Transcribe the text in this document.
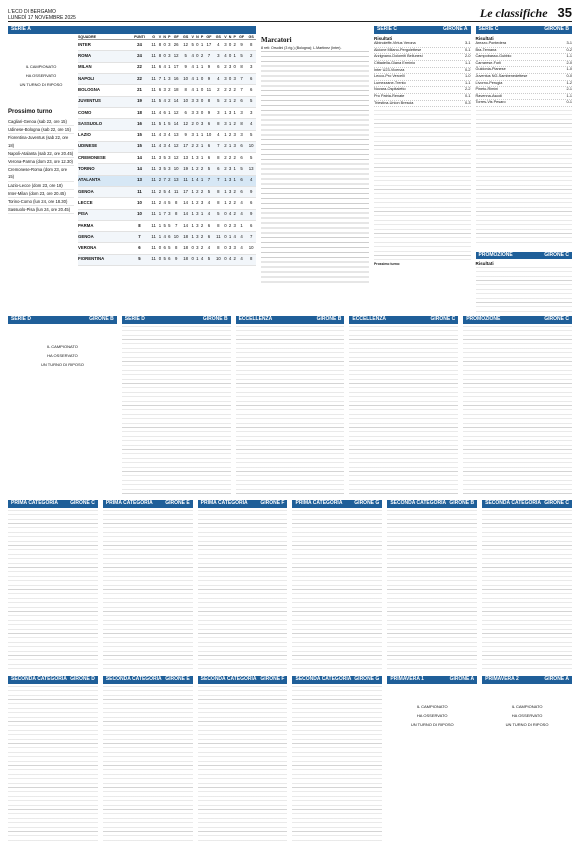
L'ECO DI BERGAMO
LUNEDÌ 17 NOVEMBRE 2025	Le classifiche 35
SERIE A
IL CAMPIONATO
HA OSSERVATO
UN TURNO DI RIPOSO
Prossimo turno
Cagliari-Genoa (sab 22, ore 15)
Udinese-Bologna (sab 22, ore 15)
Fiorentina-Juventus (sab 22, ore 18)
Napoli-Atalanta (sab 22, ore 20.45)
Verona-Parma (dom 23, ore 12.30)
Cremonese-Roma (dom 23, ore 15)
Lazio-Lecce (dom 23, ore 18)
Inter-Milan (dom 23, ore 20.45)
Torino-Como (lun 24, ore 18.30)
Sassuolo-Pisa (lun 24, ore 20.45)
SQUADRE	PUNTI	G	V	N	P	GF	GS	V	N	P	GF	GS	V	N	P	GF	GS
INTER	24	11	8	0	3	26	12	5	0	1	17	4	3	0	2	9	8
ROMA	24	11	8	0	3	12	5	4	0	2	7	3	4	0	1	5	2
MILAN	22	11	6	4	1	17	9	4	1	1	9	6	2	3	0	8	3
NAPOLI	22	11	7	1	3	16	10	4	1	0	9	4	3	0	3	7	6
BOLOGNA	21	11	6	3	2	18	8	4	1	0	11	2	2	2	2	7	6
JUVENTUS	19	11	5	4	2	14	10	3	3	0	8	5	2	1	2	6	5
COMO	18	11	4	6	1	12	6	3	3	0	9	3	1	3	1	3	3
SASSUOLO	16	11	5	1	5	14	12	2	0	3	6	8	3	1	2	8	4
LAZIO	15	11	4	3	4	13	9	3	1	1	10	4	1	2	3	3	5
UDINESE	15	11	4	3	4	12	17	2	2	1	6	7	2	1	3	6	10
CREMONESE	14	11	3	5	3	12	13	1	3	1	6	8	2	2	2	6	5
TORINO	14	11	3	5	3	10	19	1	2	2	5	6	2	3	1	5	13
ATALANTA	13	11	2	7	2	13	11	1	4	1	7	7	1	3	1	6	4
GENOA	11	11	2	5	4	11	17	1	2	2	5	8	1	3	2	6	9
LECCE	10	11	2	4	5	8	14	1	2	3	4	8	1	2	2	4	6
PISA	10	11	1	7	3	8	14	1	3	1	4	5	0	4	2	4	9
PARMA	8	11	1	5	5	7	14	1	3	2	6	8	0	2	3	1	6
GENOA	7	11	1	4	6	10	18	1	3	2	6	11	0	1	4	4	7
VERONA	6	11	0	6	5	8	18	0	3	2	4	8	0	3	3	4	10
FIORENTINA	5	11	0	5	6	9	18	0	1	4	5	10	0	4	2	4	8
Marcatori

8 reti: Orsolini (3 rig.) (Bologna); L.Martinez (Inter).

SERIE C	GIRONE A
Risultati
Albinoleffe-Virtus Verona	3-1
Alcione Milano-Pergolettese	0-1
Arzignano-Dolomiti Bellunesi	2-0
Cittadella-Giana Erminio	1-1
Inter U23-Vicenza	0-2
Lecco-Pro Vercelli	1-0
Lumezzane-Trento	1-1
Novara-Ospitaletto	2-2
Pro Patria-Renate	0-1
Triestina-Union Brescia	0-3
Prossimo turno:
SERIE C	GIRONE B
Risultati
Arezzo-Pontedera	3-1
Bra-Ternana	0-2
Campobasso-Gubbio	1-1
Carrarese-Forlì	2-0
Guidonia-Pianese	1-0
Juventus NG-Sambenedettese	0-0
Livorno-Perugia	1-2
Pineto-Rimini	2-1
Ravenna-Ascoli	1-1
Torres-Vis Pesaro	0-1
PROMOZIONE	GIRONE C
Risultati
SERIE D	GIRONE B
IL CAMPIONATO
HA OSSERVATO
UN TURNO DI RIPOSO
SERIE D	GIRONE B ECCELLENZA	GIRONE B ECCELLENZA	GIRONE C PROMOZIONE	GIRONE C
PRIMA CATEGORIA GIRONE C PRIMA CATEGORIA GIRONE E PRIMA CATEGORIA	GIRONE F PRIMA CATEGORIA GIRONE G SECONDA CATEGORIA GIRONE B SECONDA CATEGORIA GIRONE C
SECONDA CATEGORIA GIRONE D SECONDA CATEGORIA GIRONE E SECONDA CATEGORIA GIRONE F SECONDA CATEGORIA GIRONE G PRIMAVERA 1	GIRONE A
IL CAMPIONATO
HA OSSERVATO
UN TURNO DI RIPOSO
PRIMAVERA 2	GIRONE A
IL CAMPIONATO
HA OSSERVATO
UN TURNO DI RIPOSO
